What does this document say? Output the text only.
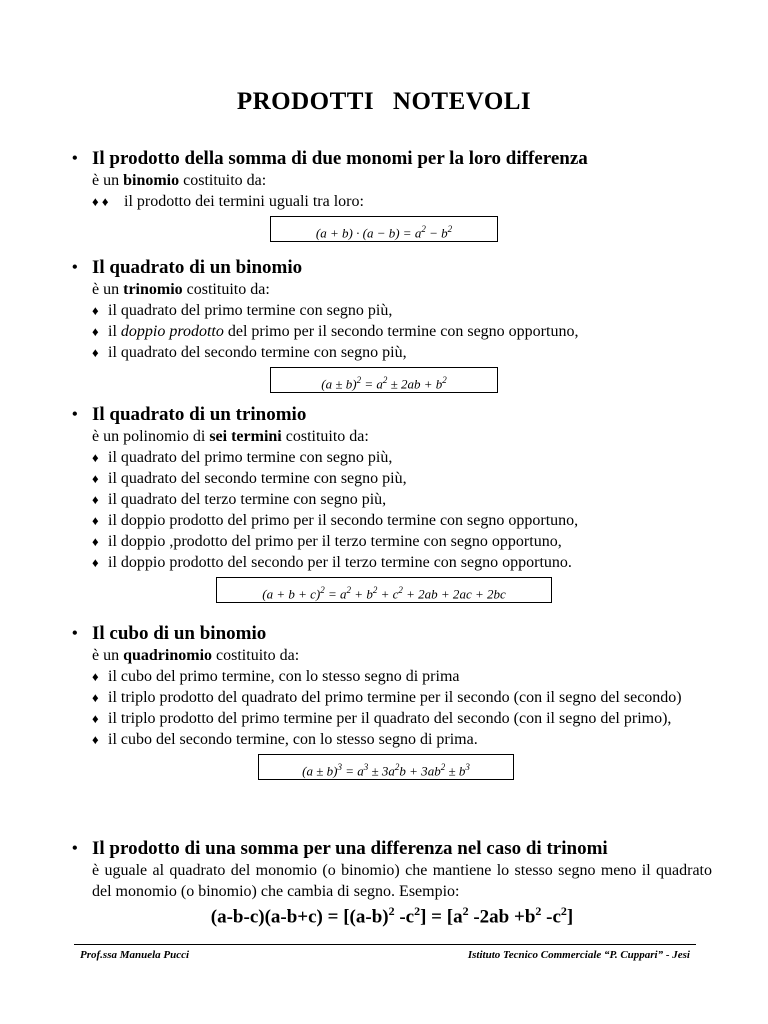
PRODOTTI NOTEVOLI
• Il prodotto della somma di due monomi per la loro differenza
è un binomio costituito da:
♦ ♦ il prodotto dei termini uguali tra loro:
$(a + b) \cdot (a - b) = a^2 - b^2$
• Il quadrato di un binomio
è un trinomio costituito da:
♦ il quadrato del primo termine con segno più,
♦ il doppio prodotto del primo per il secondo termine con segno opportuno,
♦ il quadrato del secondo termine con segno più,
$(a \pm b)^2 = a^2 \pm 2ab + b^2$
• Il quadrato di un trinomio
è un polinomio di sei termini costituito da:
♦ il quadrato del primo termine con segno più,
♦ il quadrato del secondo termine con segno più,
♦ il quadrato del terzo termine con segno più,
♦ il doppio prodotto del primo per il secondo termine con segno opportuno,
♦ il doppio ,prodotto del primo per il terzo termine con segno opportuno,
♦ il doppio prodotto del secondo per il terzo termine con segno opportuno.
$(a + b + c)^2 = a^2 + b^2 + c^2 + 2ab + 2ac + 2bc$
• Il cubo di un binomio
è un quadrinomio costituito da:
♦ il cubo del primo termine, con lo stesso segno di prima
♦ il triplo prodotto del quadrato del primo termine per il secondo (con il segno del secondo)
♦ il triplo prodotto del primo termine per il quadrato del secondo (con il segno del primo),
♦ il cubo del secondo termine, con lo stesso segno di prima.
$(a \pm b)^3 = a^3 \pm 3a^2b + 3ab^2 \pm b^3$
• Il prodotto di una somma per una differenza nel caso di trinomi
è uguale al quadrato del monomio (o binomio) che mantiene lo stesso segno meno il quadrato del monomio (o binomio) che cambia di segno. Esempio:
$(a-b-c)(a-b+c) = [(a-b)^2$ $-c^2] = [a^2$ $-2ab +b^2$ $-c^2$]
Prof.ssa Manuela Pucci	Istituto Tecnico Commerciale “P. Cuppari” - Jesi
